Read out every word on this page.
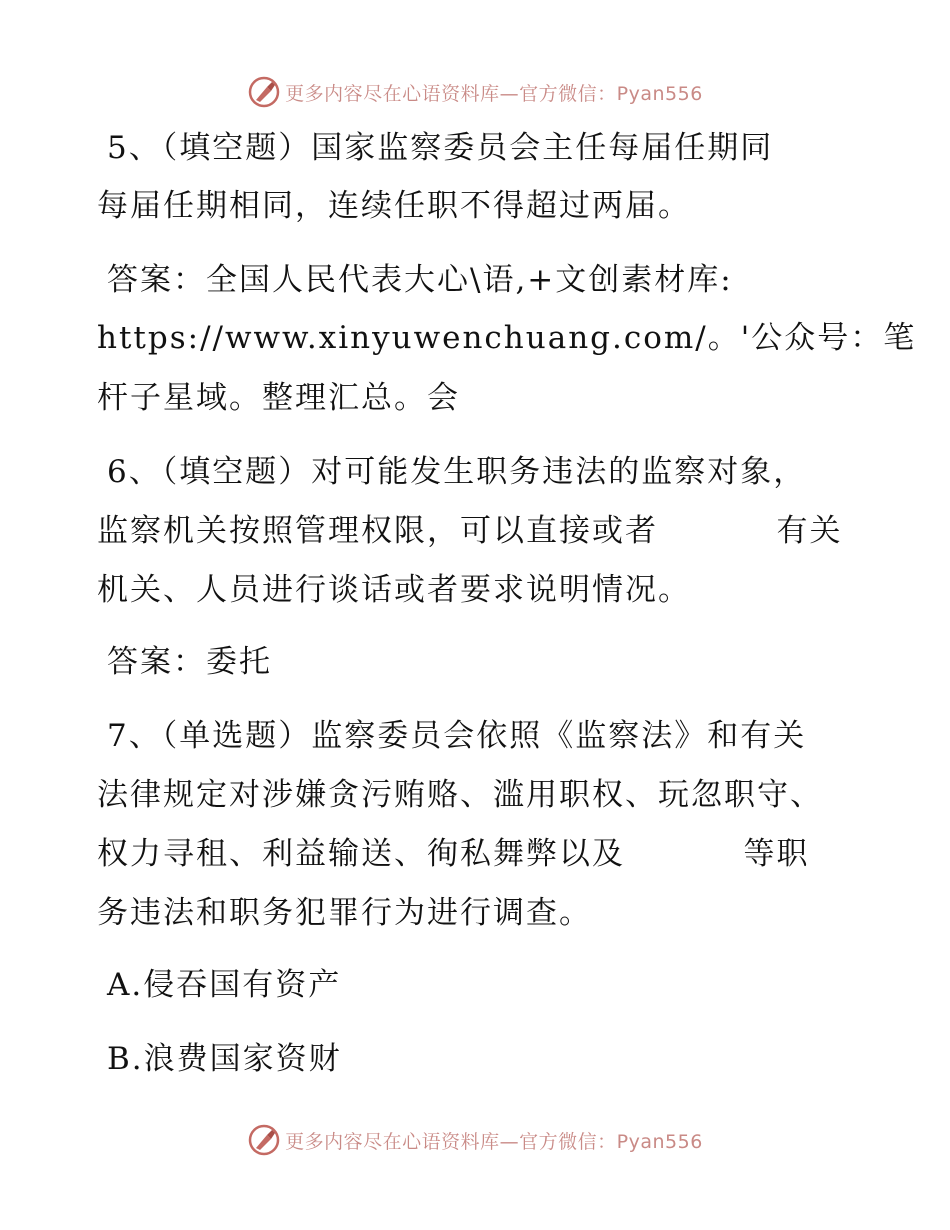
更多内容尽在心语资料库—官方微信：Pyan556
5、（填空题）国家监察委员会主任每届任期同
每届任期相同，连续任职不得超过两届。
答案：全国人民代表大心\语,+文创素材库:
https://www.xinyuwenchuang.com/。'公众号：笔
杆子星域。整理汇总。会
6、（填空题）对可能发生职务违法的监察对象，
监察机关按照管理权限，可以直接或者          有关
机关、人员进行谈话或者要求说明情况。
答案：委托
7、（单选题）监察委员会依照《监察法》和有关
法律规定对涉嫌贪污贿赂、滥用职权、玩忽职守、
权力寻租、利益输送、徇私舞弊以及          等职
务违法和职务犯罪行为进行调查。
A.侵吞国有资产
B.浪费国家资财
更多内容尽在心语资料库—官方微信：Pyan556
